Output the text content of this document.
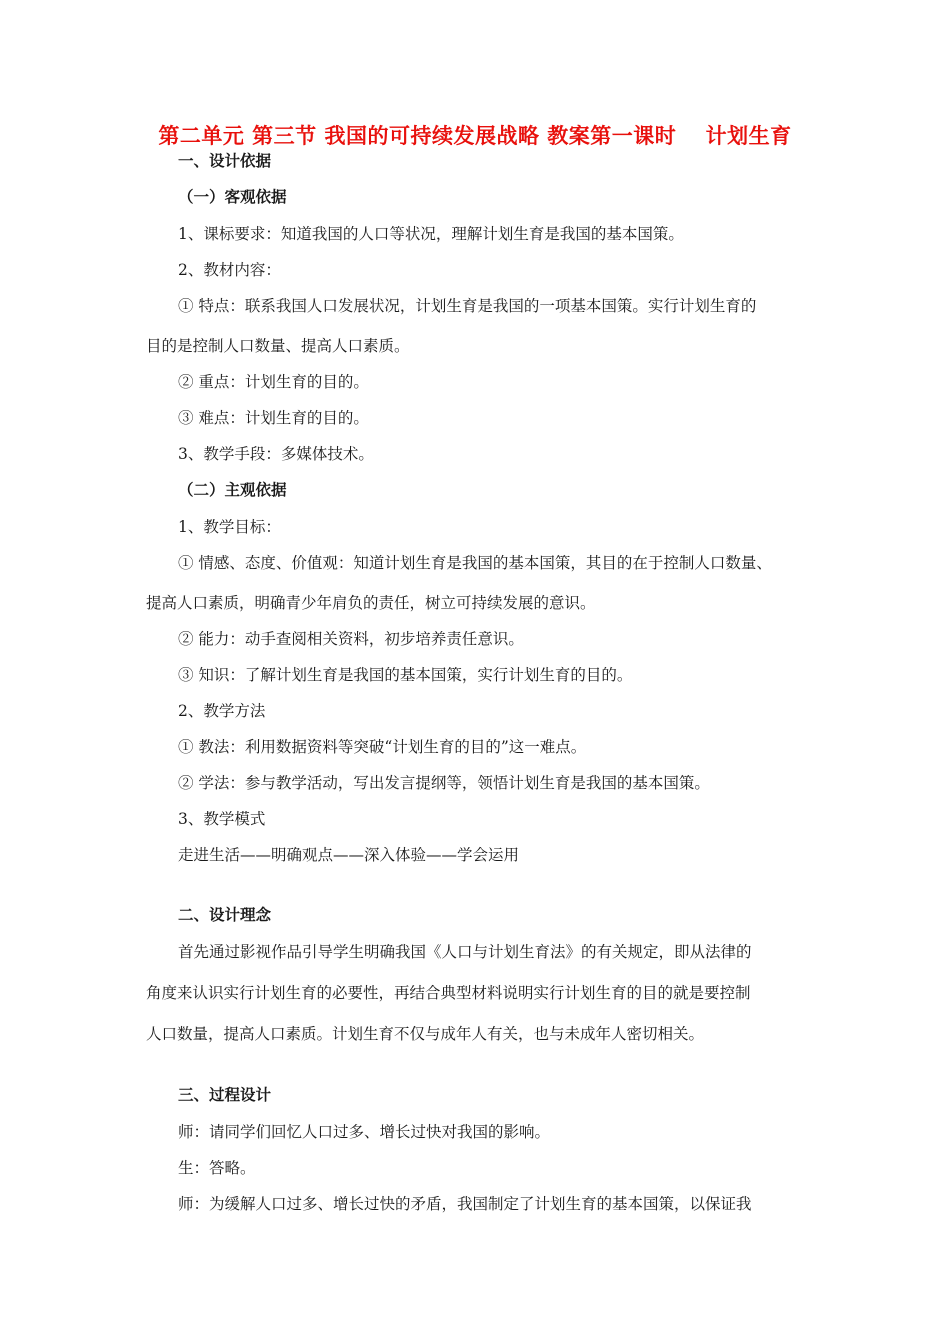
第二单元 第三节 我国的可持续发展战略 教案第一课时　 计划生育
一、设计依据
（一）客观依据
1、课标要求：知道我国的人口等状况，理解计划生育是我国的基本国策。
2、教材内容：
① 特点：联系我国人口发展状况，计划生育是我国的一项基本国策。实行计划生育的
目的是控制人口数量、提高人口素质。
② 重点：计划生育的目的。
③ 难点：计划生育的目的。
3、教学手段：多媒体技术。
（二）主观依据
1、教学目标：
① 情感、态度、价值观：知道计划生育是我国的基本国策，其目的在于控制人口数量、
提高人口素质，明确青少年肩负的责任，树立可持续发展的意识。
② 能力：动手查阅相关资料，初步培养责任意识。
③ 知识：了解计划生育是我国的基本国策，实行计划生育的目的。
2、教学方法
① 教法：利用数据资料等突破“计划生育的目的”这一难点。
② 学法：参与教学活动，写出发言提纲等，领悟计划生育是我国的基本国策。
3、教学模式
走进生活——明确观点——深入体验——学会运用
二、设计理念
首先通过影视作品引导学生明确我国《人口与计划生育法》的有关规定，即从法律的
角度来认识实行计划生育的必要性，再结合典型材料说明实行计划生育的目的就是要控制
人口数量，提高人口素质。计划生育不仅与成年人有关，也与未成年人密切相关。
三、过程设计
师：请同学们回忆人口过多、增长过快对我国的影响。
生：答略。
师：为缓解人口过多、增长过快的矛盾，我国制定了计划生育的基本国策，以保证我
